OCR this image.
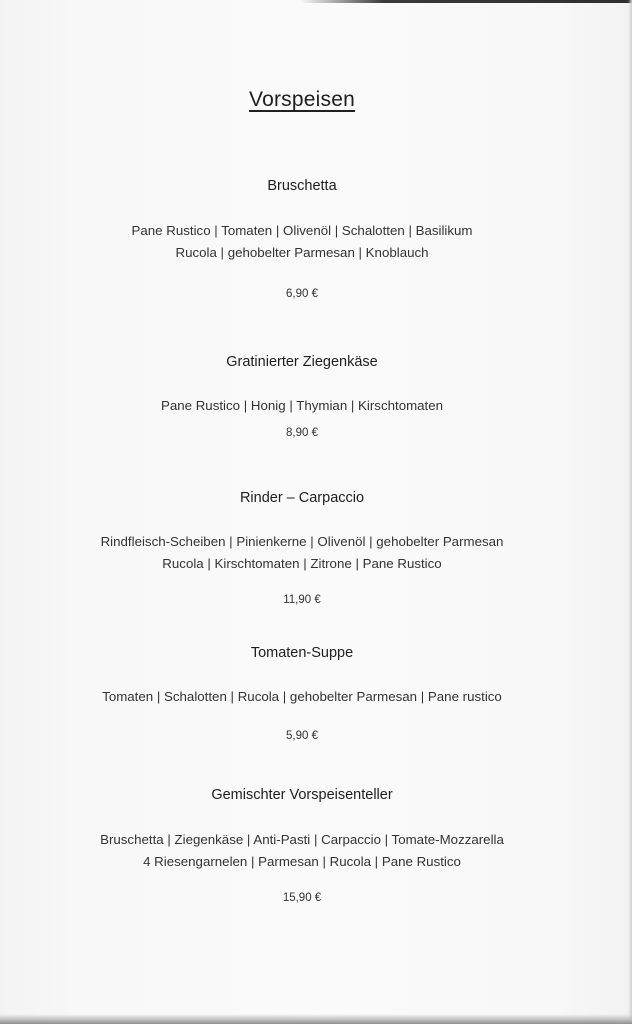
Vorspeisen
Bruschetta
Pane Rustico | Tomaten | Olivenöl | Schalotten | Basilikum
Rucola | gehobelter Parmesan | Knoblauch
6,90 €
Gratinierter Ziegenkäse
Pane Rustico | Honig | Thymian | Kirschtomaten
8,90 €
Rinder – Carpaccio
Rindfleisch-Scheiben | Pinienkerne | Olivenöl | gehobelter Parmesan
Rucola | Kirschtomaten | Zitrone | Pane Rustico
11,90 €
Tomaten-Suppe
Tomaten | Schalotten | Rucola | gehobelter Parmesan | Pane rustico
5,90 €
Gemischter Vorspeisenteller
Bruschetta | Ziegenkäse | Anti-Pasti | Carpaccio | Tomate-Mozzarella
4 Riesengarnelen | Parmesan | Rucola | Pane Rustico
15,90 €
